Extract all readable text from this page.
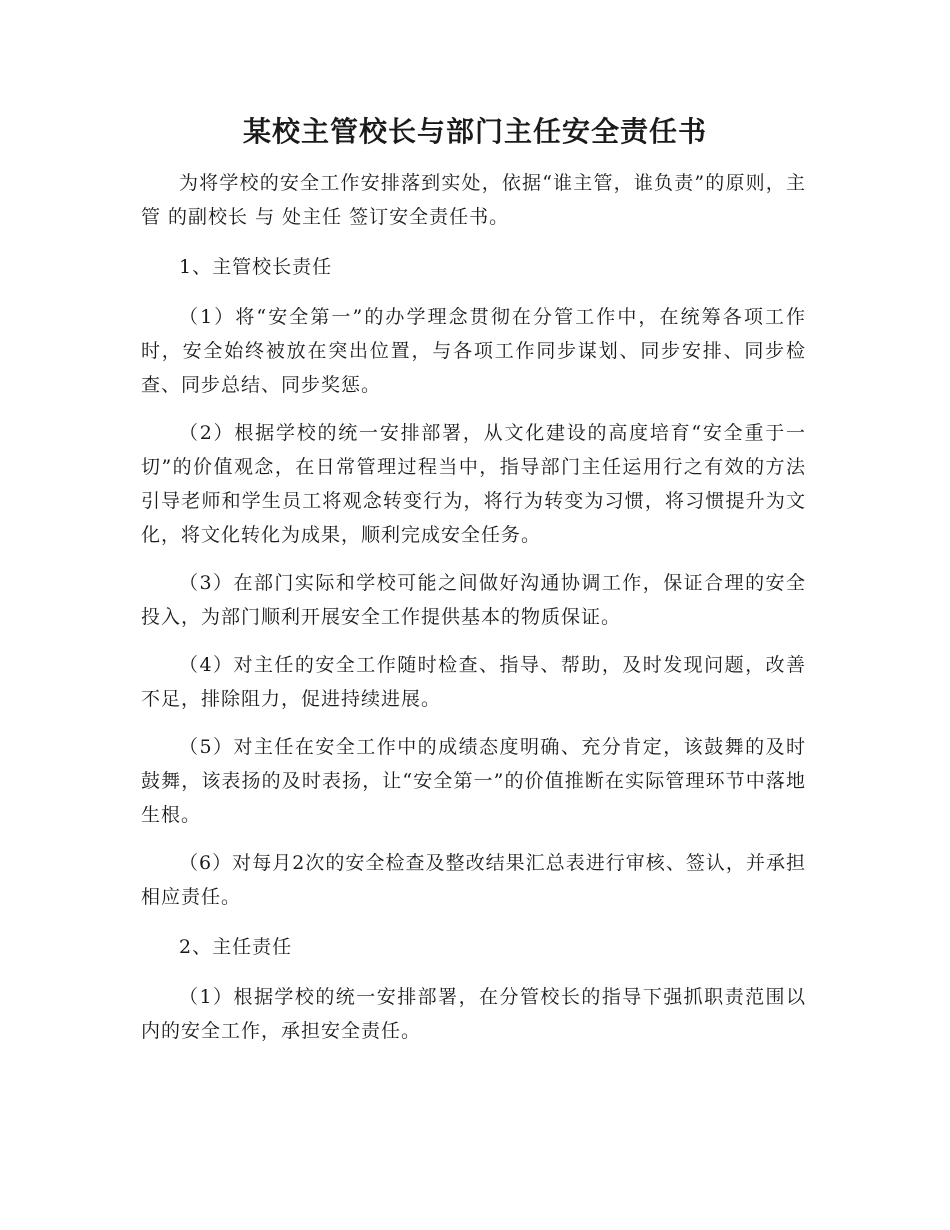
某校主管校长与部门主任安全责任书

为将学校的安全工作安排落到实处，依据“谁主管，谁负责”的原则，主管 的副校长 与 处主任 签订安全责任书。

1、主管校长责任

（1）将“安全第一”的办学理念贯彻在分管工作中，在统筹各项工作时，安全始终被放在突出位置，与各项工作同步谋划、同步安排、同步检查、同步总结、同步奖惩。

（2）根据学校的统一安排部署，从文化建设的高度培育“安全重于一切”的价值观念，在日常管理过程当中，指导部门主任运用行之有效的方法引导老师和学生员工将观念转变行为，将行为转变为习惯，将习惯提升为文化，将文化转化为成果，顺利完成安全任务。

（3）在部门实际和学校可能之间做好沟通协调工作，保证合理的安全投入，为部门顺利开展安全工作提供基本的物质保证。

（4）对主任的安全工作随时检查、指导、帮助，及时发现问题，改善不足，排除阻力，促进持续进展。

（5）对主任在安全工作中的成绩态度明确、充分肯定，该鼓舞的及时鼓舞，该表扬的及时表扬，让“安全第一”的价值推断在实际管理环节中落地生根。

（6）对每月2次的安全检查及整改结果汇总表进行审核、签认，并承担相应责任。

2、主任责任

（1）根据学校的统一安排部署，在分管校长的指导下强抓职责范围以内的安全工作，承担安全责任。
